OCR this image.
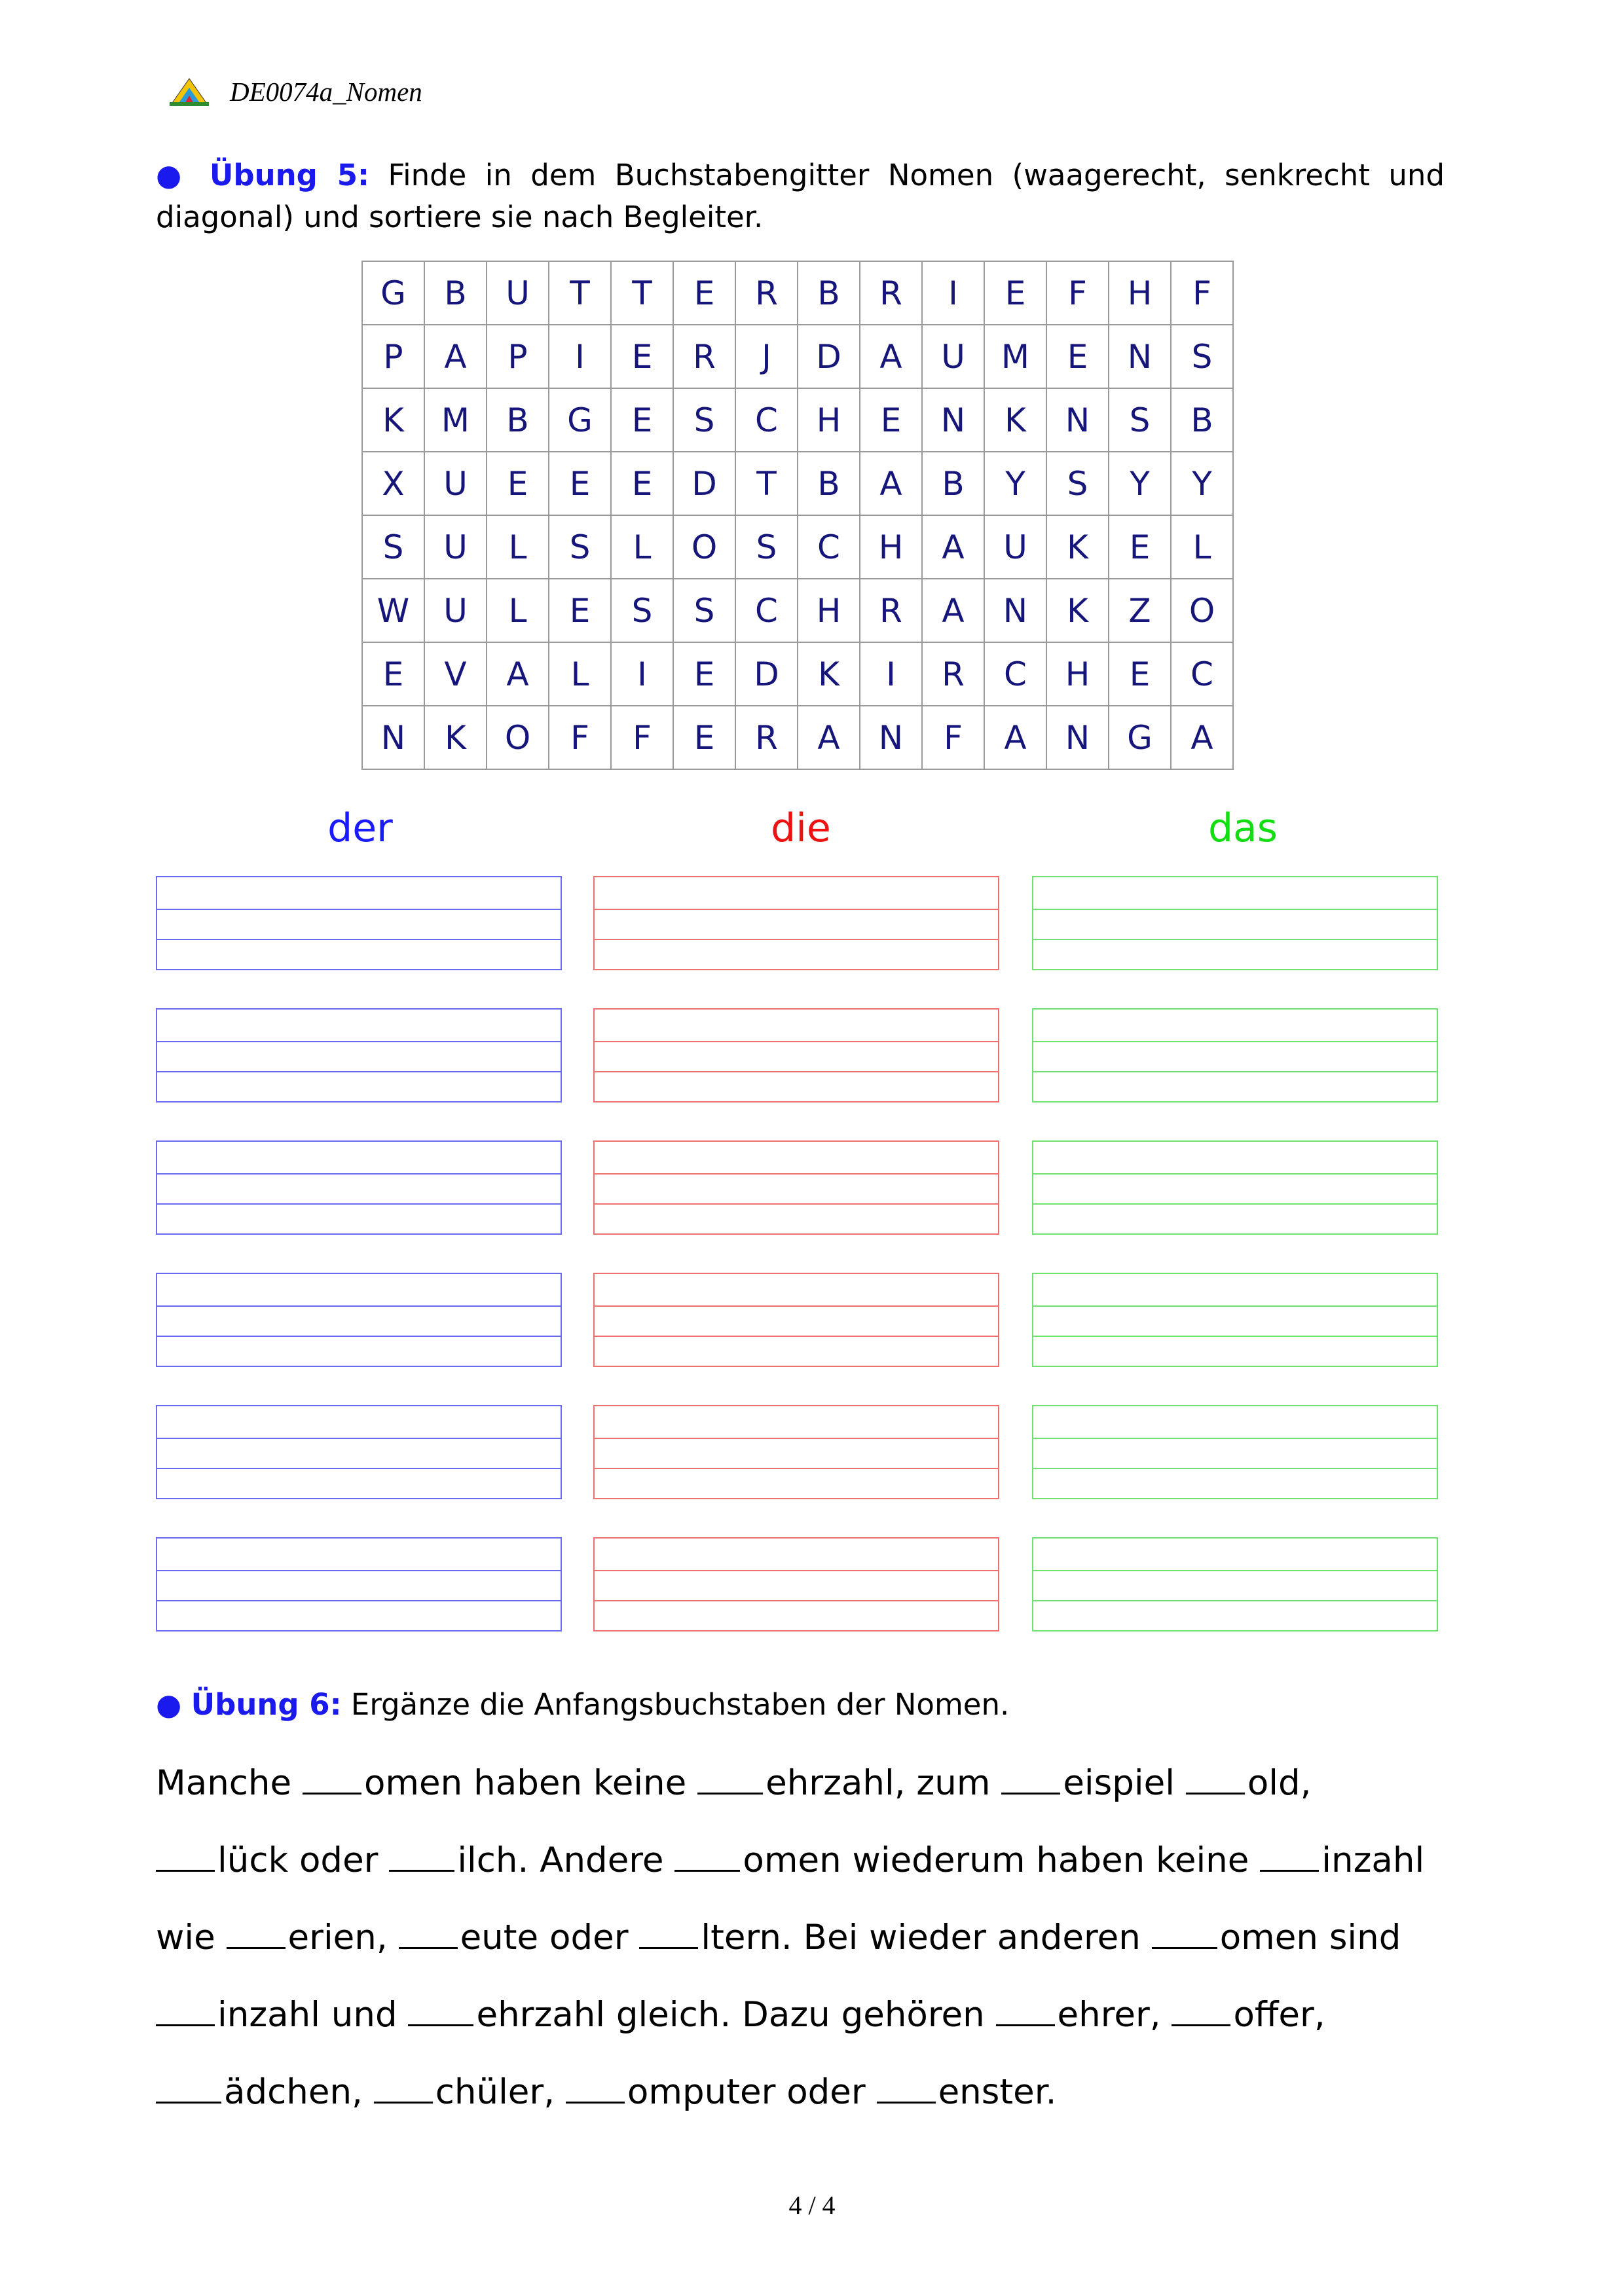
DE0074a_Nomen
● Übung 5: Finde in dem Buchstabengitter Nomen (waagerecht, senkrecht und diagonal) und sortiere sie nach Begleiter.
G	B	U	T	T	E	R	B	R	I	E	F	H	F
P	A	P	I	E	R	J	D	A	U	M	E	N	S
K	M	B	G	E	S	C	H	E	N	K	N	S	B
X	U	E	E	E	D	T	B	A	B	Y	S	Y	Y
S	U	L	S	L	O	S	C	H	A	U	K	E	L
W	U	L	E	S	S	C	H	R	A	N	K	Z	O
E	V	A	L	I	E	D	K	I	R	C	H	E	C
N	K	O	F	F	E	R	A	N	F	A	N	G	A
der	die	das
● Übung 6: Ergänze die Anfangsbuchstaben der Nomen.
Manche omen haben keine ehrzahl, zum eispiel old,
lück oder ilch. Andere omen wiederum haben keine inzahl
wie erien, eute oder ltern. Bei wieder anderen omen sind
inzahl und ehrzahl gleich. Dazu gehören ehrer, offer,
ädchen, chüler, omputer oder enster.
4 / 4
